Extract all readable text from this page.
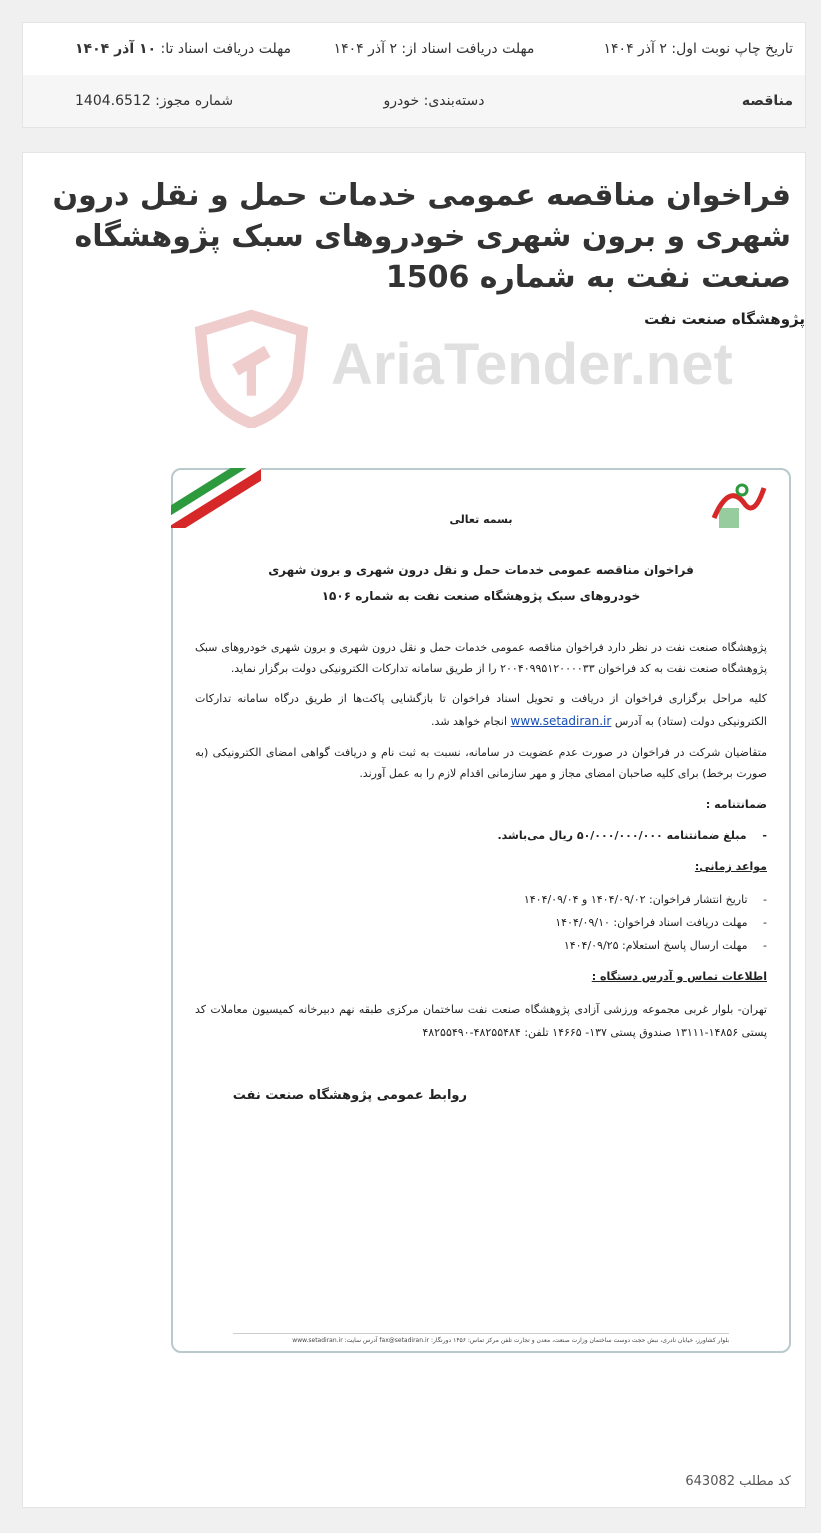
تاریخ چاپ نوبت اول: ۲ آذر ۱۴۰۴
مهلت دریافت اسناد از: ۲ آذر ۱۴۰۴
مهلت دریافت اسناد تا: ۱۰ آذر ۱۴۰۴
مناقصه
دسته‌بندی: خودرو
شماره مجوز: 1404.6512
فراخوان مناقصه عمومی خدمات حمل و نقل درون شهری و برون شهری خودروهای سبک پژوهشگاه صنعت نفت به شماره 1506
پژوهشگاه صنعت نفت
AriaTender.net
بسمه تعالی
فراخوان مناقصه عمومی خدمات حمل و نقل درون شهری و برون شهری خودروهای سبک پژوهشگاه صنعت نفت به شماره ۱۵۰۶
پژوهشگاه صنعت نفت در نظر دارد فراخوان مناقصه عمومی خدمات حمل و نقل درون شهری و برون شهری خودروهای سبک پژوهشگاه صنعت نفت به کد فراخوان ۲۰۰۴۰۹۹۵۱۲۰۰۰۰۳۳ را از طریق سامانه تدارکات الکترونیکی دولت برگزار نماید.
کلیه مراحل برگزاری فراخوان از دریافت و تحویل اسناد فراخوان تا بازگشایی پاکت‌ها از طریق درگاه سامانه تدارکات الکترونیکی دولت (ستاد) به آدرس www.setadiran.ir انجام خواهد شد.
متقاضیان شرکت در فراخوان در صورت عدم عضویت در سامانه، نسبت به ثبت نام و دریافت گواهی امضای الکترونیکی (به صورت برخط) برای کلیه صاحبان امضای مجاز و مهر سازمانی اقدام لازم را به عمل آورند.
ضمانتنامه :
- مبلغ ضمانتنامه ۵۰/۰۰۰/۰۰۰/۰۰۰ ریال می‌باشد.
مواعد زمانی:
- تاریخ انتشار فراخوان: ۱۴۰۴/۰۹/۰۲ و ۱۴۰۴/۰۹/۰۴
- مهلت دریافت اسناد فراخوان: ۱۴۰۴/۰۹/۱۰
- مهلت ارسال پاسخ استعلام: ۱۴۰۴/۰۹/۲۵
اطلاعات تماس و آدرس دستگاه :
تهران- بلوار غربی مجموعه ورزشی آزادی پژوهشگاه صنعت نفت ساختمان مرکزی طبقه نهم دبیرخانه کمیسیون معاملات کد پستی ۱۴۸۵۶-۱۳۱۱۱ صندوق پستی ۱۳۷- ۱۴۶۶۵ تلفن: ۴۸۲۵۵۴۸۴-۴۸۲۵۵۴۹۰
روابط عمومی پژوهشگاه صنعت نفت
بلوار کشاورز، خیابان نادری، نبش حجت دوست ساختمان وزارت صنعت، معدن و تجارت تلفن مرکز تماس: ۱۴۵۶ دورنگار: fax@setadiran.ir آدرس سایت: www.setadiran.ir
کد مطلب 643082
